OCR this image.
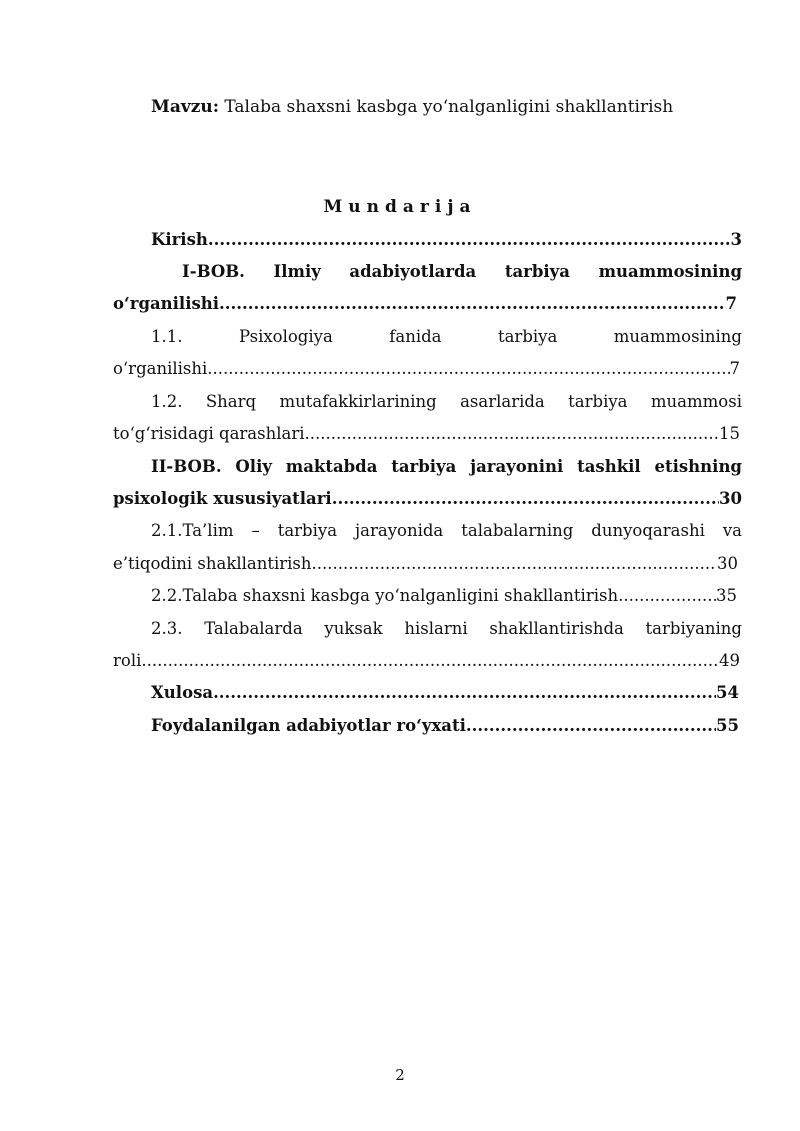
Mavzu: Talaba shaxsni kasbga yo‘nalganligini shakllantirish
Mundarija
Kirish .....	3
I-BOB. Ilmiy adabiyotlarda tarbiya muammosining
o‘rganilishi .....	7
1.1.	Psixologiya	fanida	tarbiya	muammosining
o‘rganilishi .....	7
1.2. Sharq mutafakkirlarining asarlarida tarbiya muammosi
to‘g‘risidagi qarashlari .....	15
II-BOB. Oliy maktabda tarbiya jarayonini tashkil etishning
psixologik xususiyatlari .....	30
2.1.Ta’lim – tarbiya jarayonida talabalarning dunyoqarashi va
e’tiqodini shakllantirish .....	30
2.2.Talaba shaxsni kasbga yo‘nalganligini shakllantirish .....	35
2.3. Talabalarda yuksak hislarni shakllantirishda tarbiyaning
roli .....	49
Xulosa .....	54
Foydalanilgan adabiyotlar ro‘yxati .....	55
2
